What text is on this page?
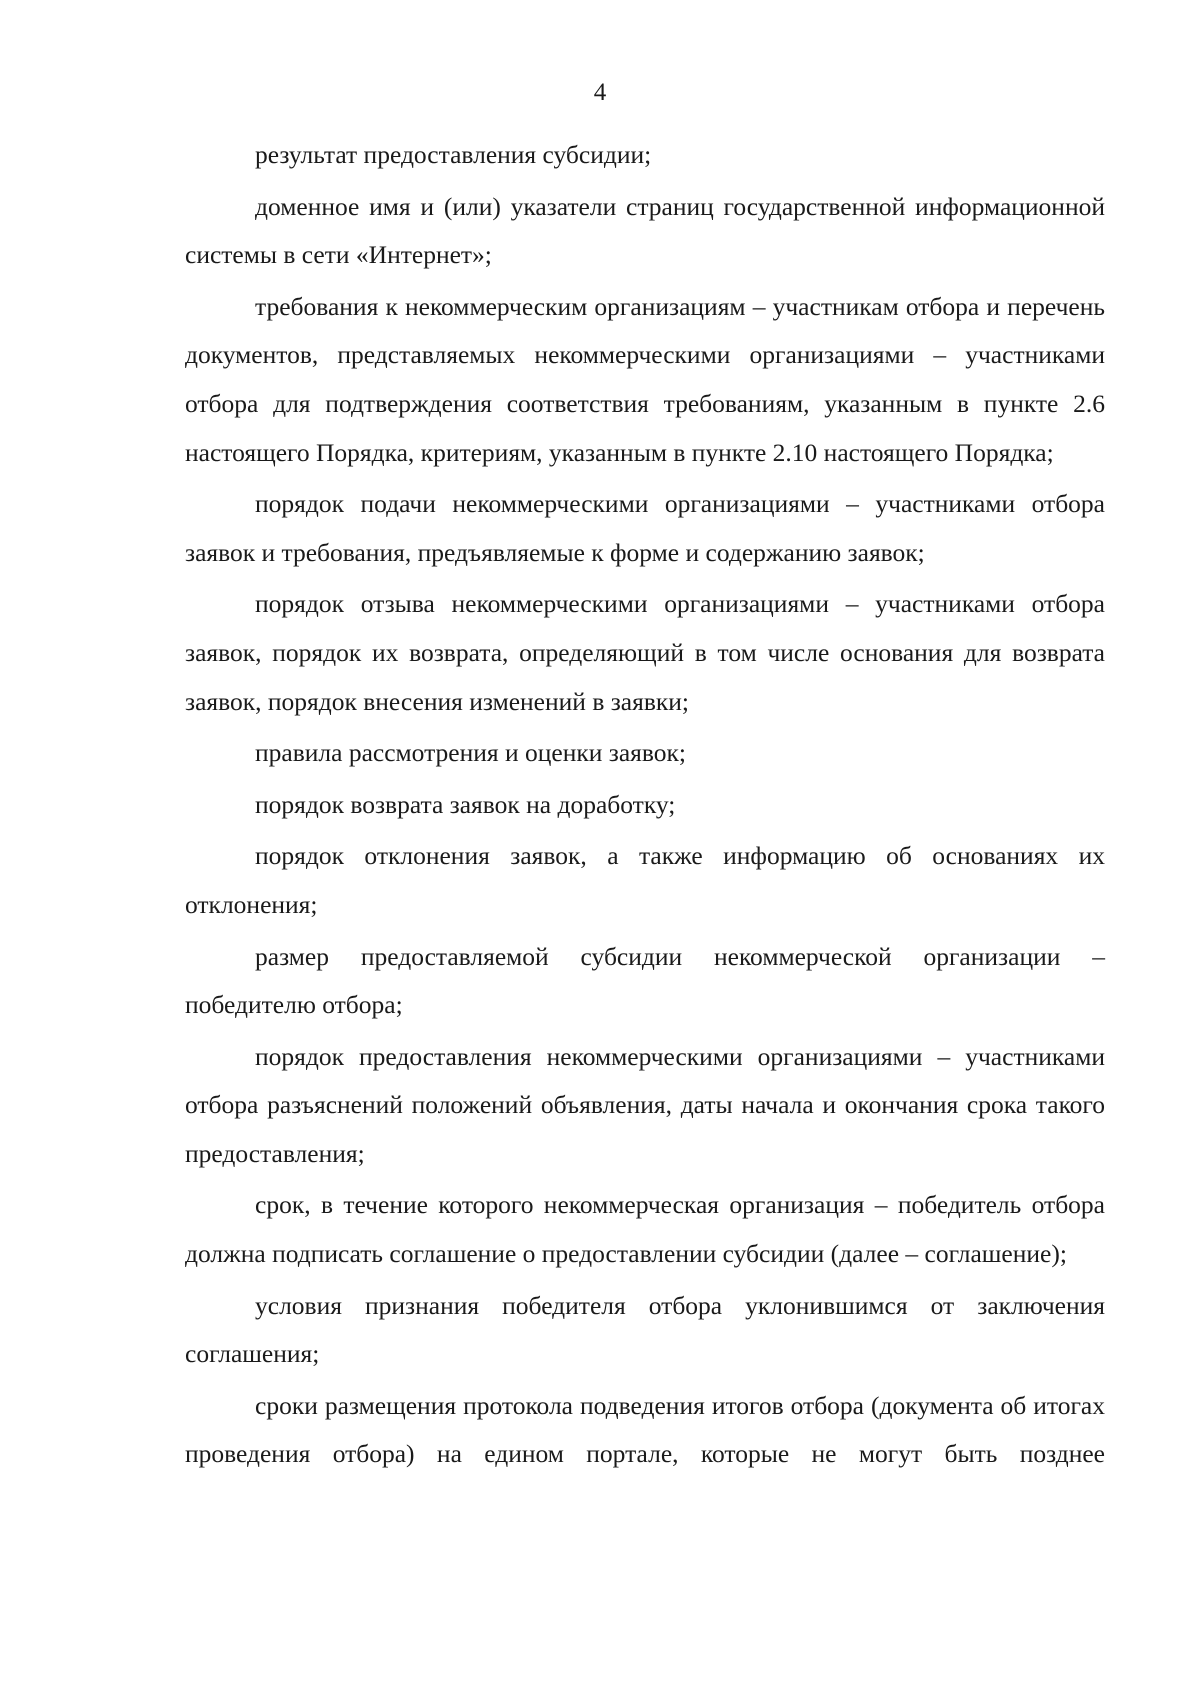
4

результат предоставления субсидии;

доменное имя и (или) указатели страниц государственной информационной системы в сети «Интернет»;

требования к некоммерческим организациям – участникам отбора и перечень документов, представляемых некоммерческими организациями – участниками отбора для подтверждения соответствия требованиям, указанным в пункте 2.6 настоящего Порядка, критериям, указанным в пункте 2.10 настоящего Порядка;

порядок подачи некоммерческими организациями – участниками отбора заявок и требования, предъявляемые к форме и содержанию заявок;

порядок отзыва некоммерческими организациями – участниками отбора заявок, порядок их возврата, определяющий в том числе основания для возврата заявок, порядок внесения изменений в заявки;

правила рассмотрения и оценки заявок;

порядок возврата заявок на доработку;

порядок отклонения заявок, а также информацию об основаниях их отклонения;

размер предоставляемой субсидии некоммерческой организации – победителю отбора;

порядок предоставления некоммерческими организациями – участниками отбора разъяснений положений объявления, даты начала и окончания срока такого предоставления;

срок, в течение которого некоммерческая организация – победитель отбора должна подписать соглашение о предоставлении субсидии (далее – соглашение);

условия признания победителя отбора уклонившимся от заключения соглашения;

сроки размещения протокола подведения итогов отбора (документа об итогах проведения отбора) на едином портале, которые не могут быть позднее
